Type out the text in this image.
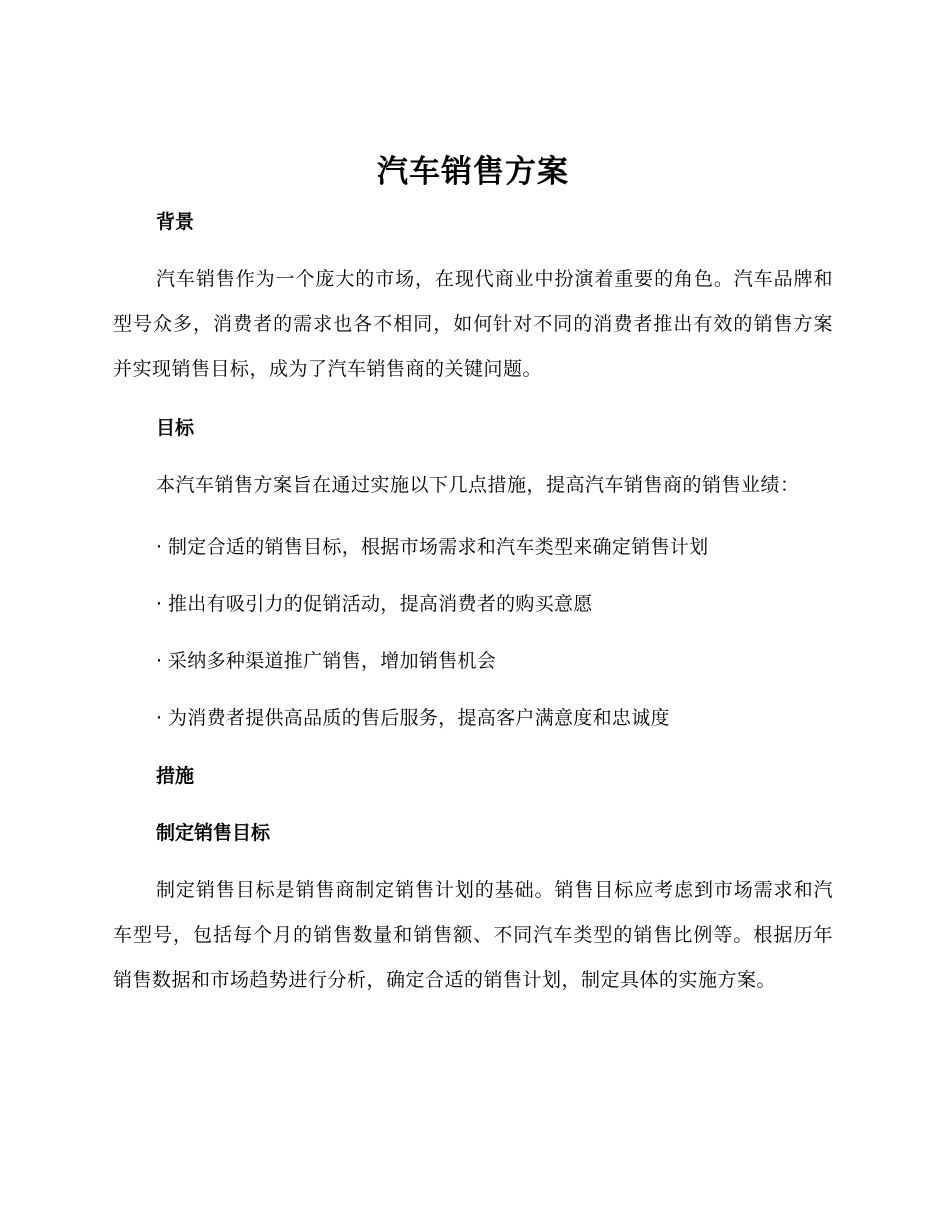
汽车销售方案
背景

汽车销售作为一个庞大的市场，在现代商业中扮演着重要的角色。汽车品牌和型号众多，消费者的需求也各不相同，如何针对不同的消费者推出有效的销售方案并实现销售目标，成为了汽车销售商的关键问题。

目标

本汽车销售方案旨在通过实施以下几点措施，提高汽车销售商的销售业绩：

· 制定合适的销售目标，根据市场需求和汽车类型来确定销售计划
· 推出有吸引力的促销活动，提高消费者的购买意愿
· 采纳多种渠道推广销售，增加销售机会
· 为消费者提供高品质的售后服务，提高客户满意度和忠诚度
措施
制定销售目标

制定销售目标是销售商制定销售计划的基础。销售目标应考虑到市场需求和汽车型号，包括每个月的销售数量和销售额、不同汽车类型的销售比例等。根据历年销售数据和市场趋势进行分析，确定合适的销售计划，制定具体的实施方案。
